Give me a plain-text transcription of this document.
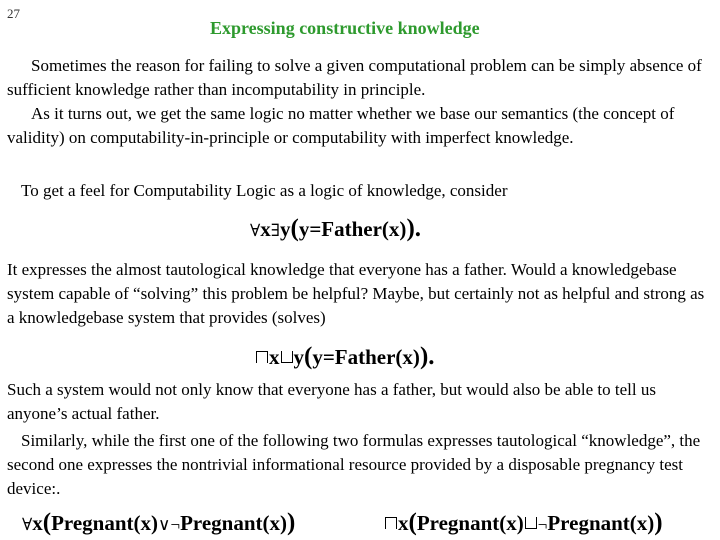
27
Expressing constructive knowledge

Sometimes the reason for failing to solve a given computational problem can be simply absence of sufficient knowledge rather than incomputability in principle.

As it turns out, we get the same logic no matter whether we base our semantics (the concept of validity) on computability-in-principle or computability with imperfect knowledge.

To get a feel for Computability Logic as a logic of knowledge, consider

∀x∃y(y=Father(x)).

It expresses the almost tautological knowledge that everyone has a father. Would a knowledgebase system capable of “solving” this problem be helpful? Maybe, but certainly not as helpful and strong as a knowledgebase system that provides (solves)

x y(y=Father(x)).

Such a system would not only know that everyone has a father, but would also be able to tell us anyone’s actual father.

Similarly, while the first one of the following two formulas expresses tautological “knowledge”, the second one expresses the nontrivial informational resource provided by a disposable pregnancy test device:.

∀x(Pregnant(x)∨¬Pregnant(x))	x(Pregnant(x) ¬Pregnant(x))
